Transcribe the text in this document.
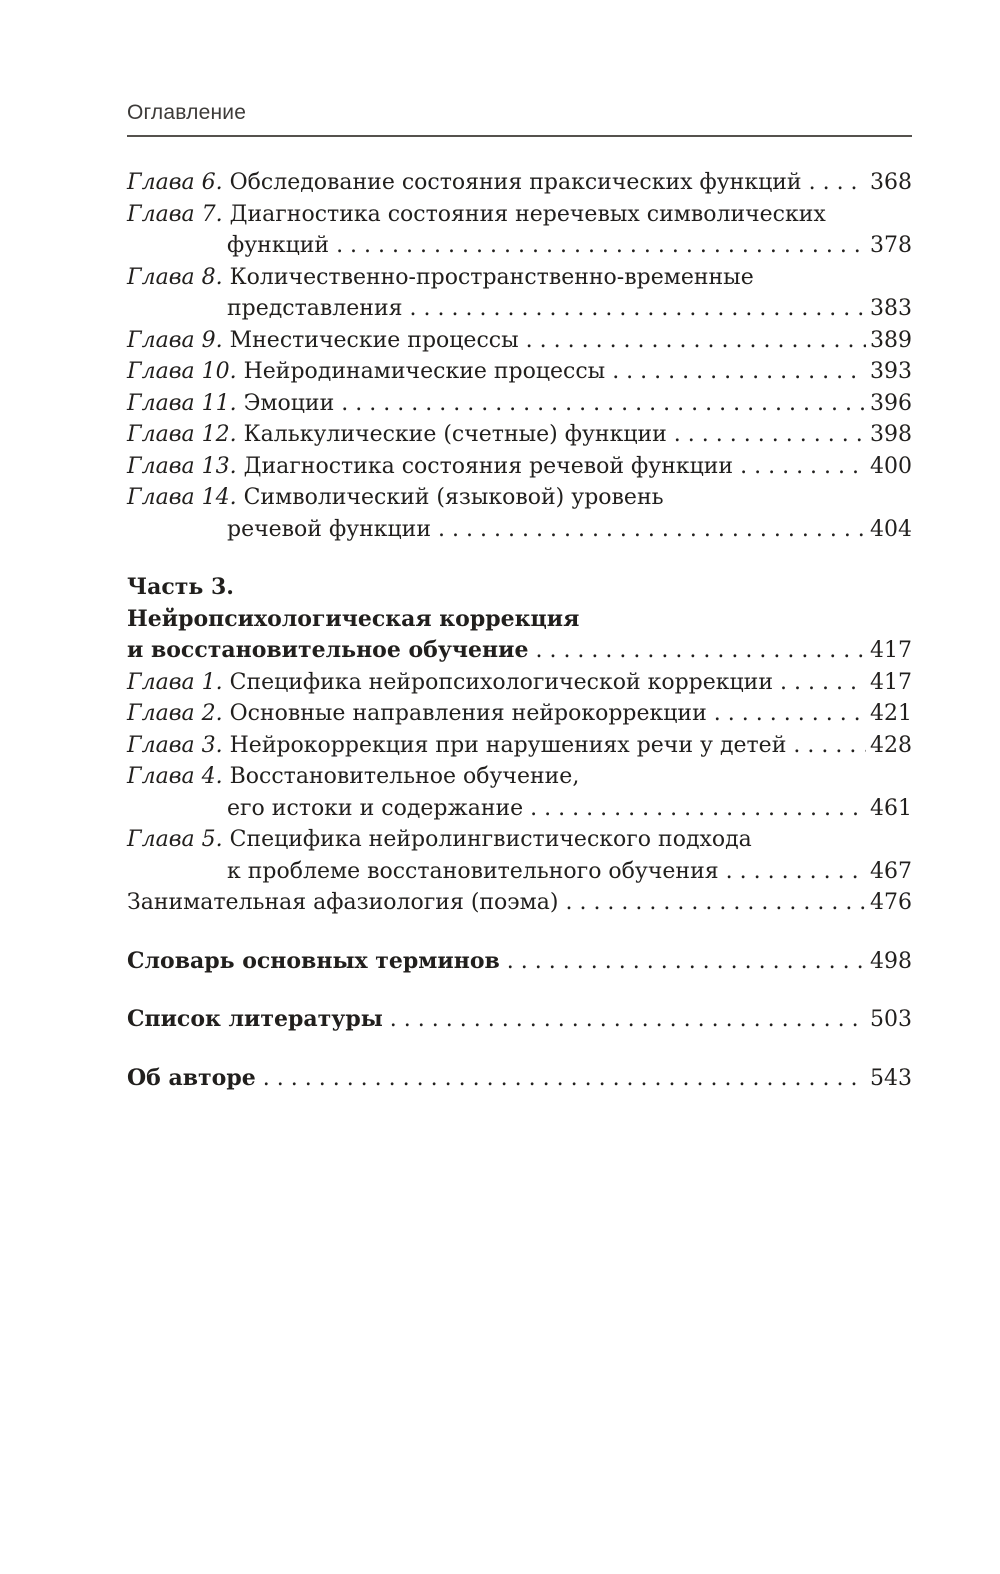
Оглавление
Глава 6. Обследование состояния праксических функций .....	368
Глава 7. Диагностика состояния неречевых символических
функций .....	378
Глава 8. Количественно-пространственно-временные
представления .....	383
Глава 9. Мнестические процессы .....	389
Глава 10. Нейродинамические процессы .....	393
Глава 11. Эмоции .....	396
Глава 12. Калькулические (счетные) функции .....	398
Глава 13. Диагностика состояния речевой функции .....	400
Глава 14. Символический (языковой) уровень
речевой функции .....	404
Часть 3.
Нейропсихологическая коррекция
и восстановительное обучение .....	417
Глава 1. Специфика нейропсихологической коррекции .....	417
Глава 2. Основные направления нейрокоррекции .....	421
Глава 3. Нейрокоррекция при нарушениях речи у детей .....	428
Глава 4. Восстановительное обучение,
его истоки и содержание .....	461
Глава 5. Специфика нейролингвистического подхода
к проблеме восстановительного обучения .....	467
Занимательная афазиология (поэма) .....	476
Словарь основных терминов .....	498
Список литературы .....	503
Об авторе .....	543
